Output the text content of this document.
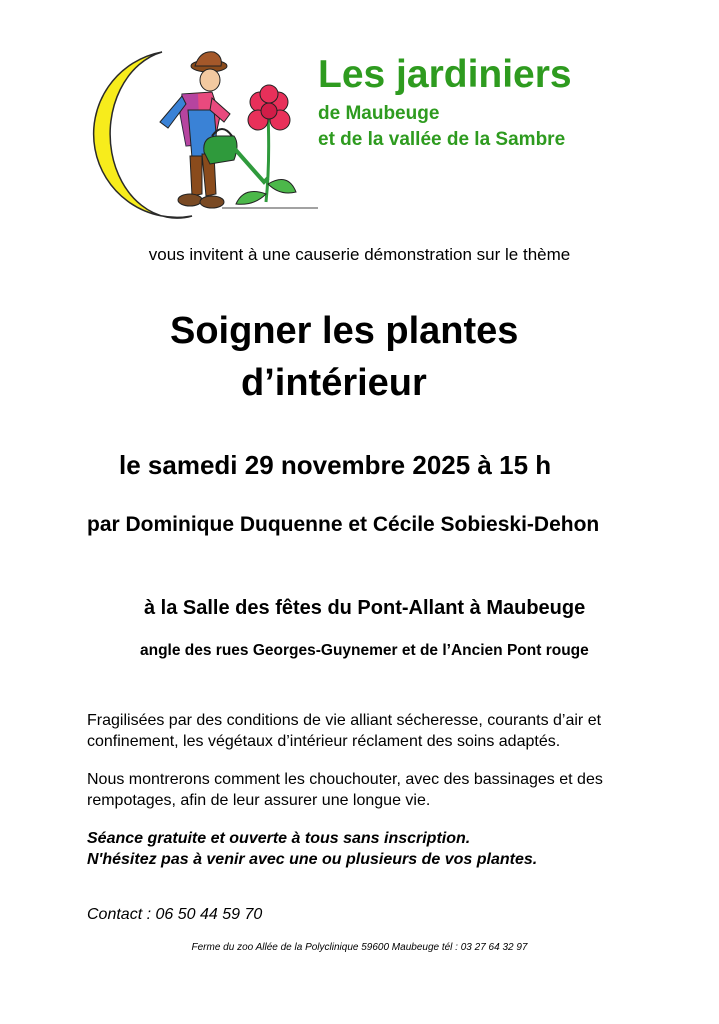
Les jardiniers
de Maubeuge
et de la vallée de la Sambre
vous invitent à une causerie démonstration sur le thème
Soigner les plantes
d’intérieur
le samedi 29 novembre 2025 à 15 h
par Dominique Duquenne et Cécile Sobieski-Dehon
à la Salle des fêtes du Pont-Allant à Maubeuge
angle des rues Georges-Guynemer et de l’Ancien Pont rouge
Fragilisées par des conditions de vie alliant sécheresse, courants d’air et
confinement, les végétaux d’intérieur réclament des soins adaptés.
Nous montrerons comment les chouchouter, avec des bassinages et des
rempotages, afin de leur assurer une longue vie.
Séance gratuite et ouverte à tous sans inscription.
N'hésitez pas à venir avec une ou plusieurs de vos plantes.
Contact : 06 50 44 59 70
Ferme du zoo Allée de la Polyclinique 59600 Maubeuge tél : 03 27 64 32 97
